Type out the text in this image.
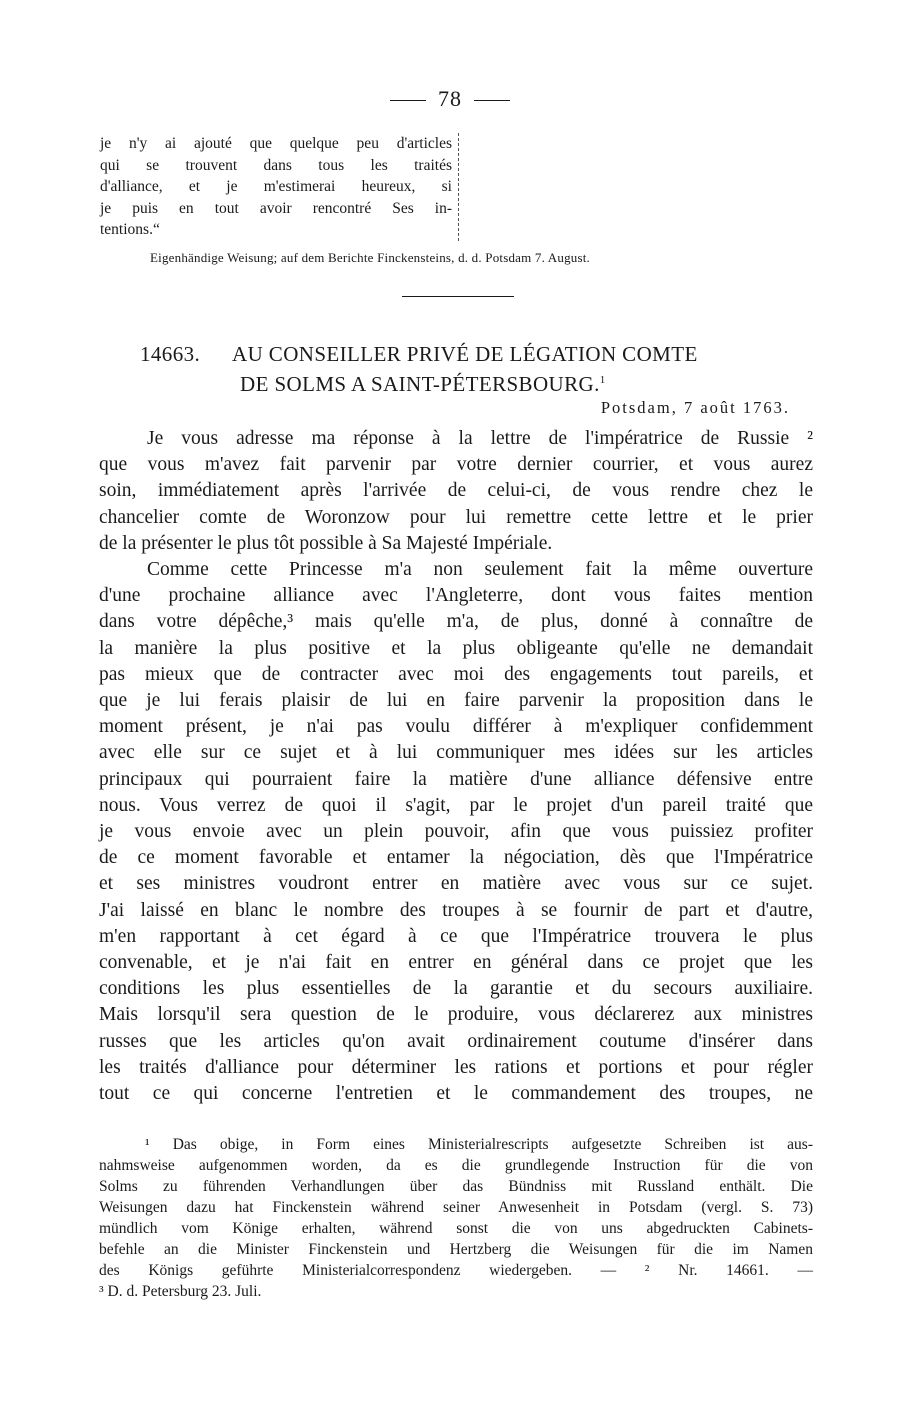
78
je n'y ai ajouté que quelque peu d'articles
qui se trouvent dans tous les traités
d'alliance, et je m'estimerai heureux, si
je puis en tout avoir rencontré Ses in-
tentions.“
Eigenhändige Weisung; auf dem Berichte Finckensteins, d. d. Potsdam 7. August.
14663. AU CONSEILLER PRIVÉ DE LÉGATION COMTE
DE SOLMS A SAINT-PÉTERSBOURG.$^1$
Potsdam, 7 août 1763.
Je vous adresse ma réponse à la lettre de l'impératrice de Russie ²
que vous m'avez fait parvenir par votre dernier courrier, et vous aurez
soin, immédiatement après l'arrivée de celui-ci, de vous rendre chez le
chancelier comte de Woronzow pour lui remettre cette lettre et le prier
de la présenter le plus tôt possible à Sa Majesté Impériale.
Comme cette Princesse m'a non seulement fait la même ouverture
d'une prochaine alliance avec l'Angleterre, dont vous faites mention
dans votre dépêche,³ mais qu'elle m'a, de plus, donné à connaître de
la manière la plus positive et la plus obligeante qu'elle ne demandait
pas mieux que de contracter avec moi des engagements tout pareils, et
que je lui ferais plaisir de lui en faire parvenir la proposition dans le
moment présent, je n'ai pas voulu différer à m'expliquer confidemment
avec elle sur ce sujet et à lui communiquer mes idées sur les articles
principaux qui pourraient faire la matière d'une alliance défensive entre
nous. Vous verrez de quoi il s'agit, par le projet d'un pareil traité que
je vous envoie avec un plein pouvoir, afin que vous puissiez profiter
de ce moment favorable et entamer la négociation, dès que l'Impératrice
et ses ministres voudront entrer en matière avec vous sur ce sujet.
J'ai laissé en blanc le nombre des troupes à se fournir de part et d'autre,
m'en rapportant à cet égard à ce que l'Impératrice trouvera le plus
convenable, et je n'ai fait en entrer en général dans ce projet que les
conditions les plus essentielles de la garantie et du secours auxiliaire.
Mais lorsqu'il sera question de le produire, vous déclarerez aux ministres
russes que les articles qu'on avait ordinairement coutume d'insérer dans
les traités d'alliance pour déterminer les rations et portions et pour régler
tout ce qui concerne l'entretien et le commandement des troupes, ne
¹ Das obige, in Form eines Ministerialrescripts aufgesetzte Schreiben ist aus-
nahmsweise aufgenommen worden, da es die grundlegende Instruction für die von
Solms zu führenden Verhandlungen über das Bündniss mit Russland enthält. Die
Weisungen dazu hat Finckenstein während seiner Anwesenheit in Potsdam (vergl. S. 73)
mündlich vom Könige erhalten, während sonst die von uns abgedruckten Cabinets-
befehle an die Minister Finckenstein und Hertzberg die Weisungen für die im Namen
des Königs geführte Ministerialcorrespondenz wiedergeben. — ² Nr. 14661. —
³ D. d. Petersburg 23. Juli.
